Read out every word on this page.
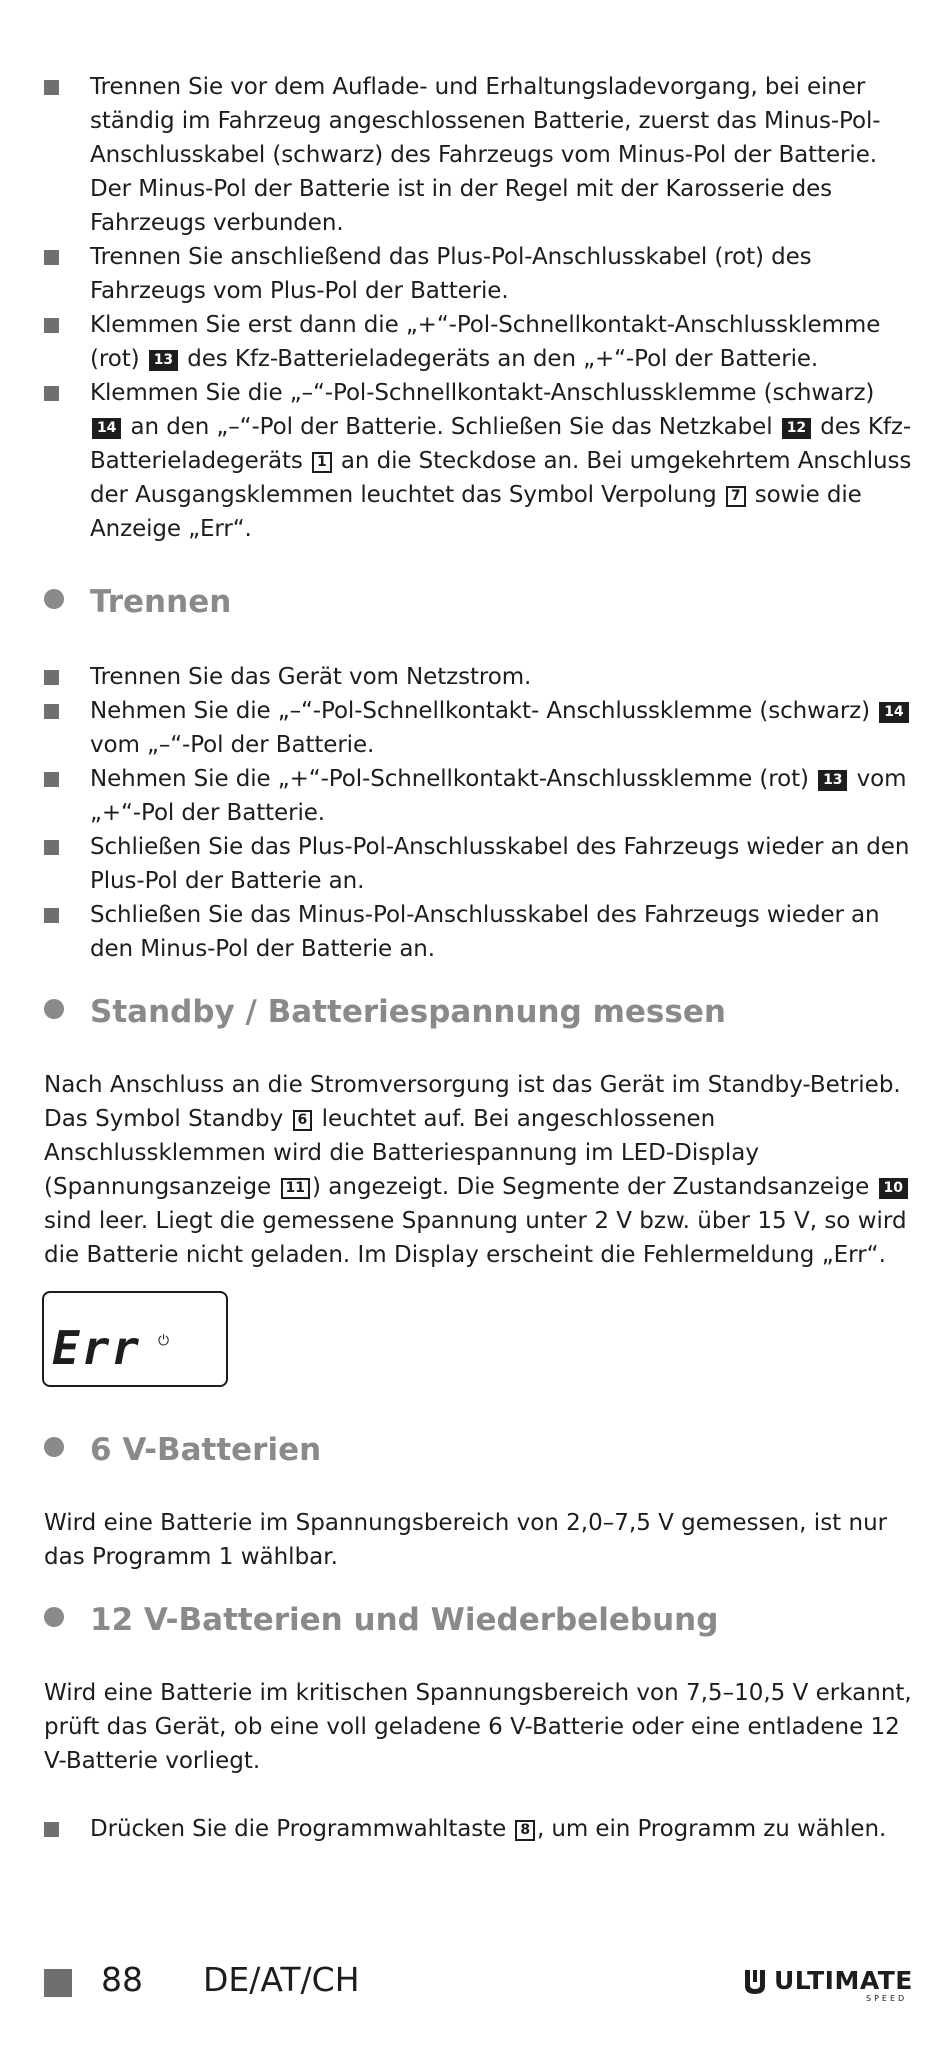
Trennen Sie vor dem Auflade- und Erhaltungsladevorgang, bei einer ständig im Fahrzeug angeschlossenen Batterie, zuerst das Minus-Pol-Anschlusskabel (schwarz) des Fahrzeugs vom Minus-Pol der Batterie. Der Minus-Pol der Batterie ist in der Regel mit der Karosserie des Fahrzeugs verbunden.
Trennen Sie anschließend das Plus-Pol-Anschlusskabel (rot) des Fahrzeugs vom Plus-Pol der Batterie.
Klemmen Sie erst dann die „+“-Pol-Schnellkontakt-Anschlussklemme (rot) 13 des Kfz-Batterieladegeräts an den „+“-Pol der Batterie.
Klemmen Sie die „–“-Pol-Schnellkontakt-Anschlussklemme (schwarz) 14 an den „–“-Pol der Batterie. Schließen Sie das Netzkabel 12 des Kfz-Batterieladegeräts 1 an die Steckdose an. Bei umgekehrtem Anschluss der Ausgangsklemmen leuchtet das Symbol Verpolung 7 sowie die Anzeige „Err“.
Trennen
Trennen Sie das Gerät vom Netzstrom.
Nehmen Sie die „–“-Pol-Schnellkontakt- Anschlussklemme (schwarz) 14 vom „–“-Pol der Batterie.
Nehmen Sie die „+“-Pol-Schnellkontakt-Anschlussklemme (rot) 13 vom „+“-Pol der Batterie.
Schließen Sie das Plus-Pol-Anschlusskabel des Fahrzeugs wieder an den Plus-Pol der Batterie an.
Schließen Sie das Minus-Pol-Anschlusskabel des Fahrzeugs wieder an den Minus-Pol der Batterie an.
Standby / Batteriespannung messen
Nach Anschluss an die Stromversorgung ist das Gerät im Standby-Betrieb. Das Symbol Standby 6 leuchtet auf. Bei angeschlossenen Anschlussklemmen wird die Batteriespannung im LED-Display (Spannungsanzeige 11 ) angezeigt. Die Segmente der Zustandsanzeige 10 sind leer. Liegt die gemessene Spannung unter 2 V bzw. über 15 V, so wird die Batterie nicht geladen. Im Display erscheint die Fehlermeldung „Err“.
Err ⏻
6 V-Batterien
Wird eine Batterie im Spannungsbereich von 2,0–7,5 V gemessen, ist nur das Programm 1 wählbar.
12 V-Batterien und Wiederbelebung
Wird eine Batterie im kritischen Spannungsbereich von 7,5–10,5 V erkannt, prüft das Gerät, ob eine voll geladene 6 V-Batterie oder eine entladene 12 V-Batterie vorliegt.
Drücken Sie die Programmwahltaste 8 , um ein Programm zu wählen.
88 DE/AT/CH	ULTIMATE
SPEED
